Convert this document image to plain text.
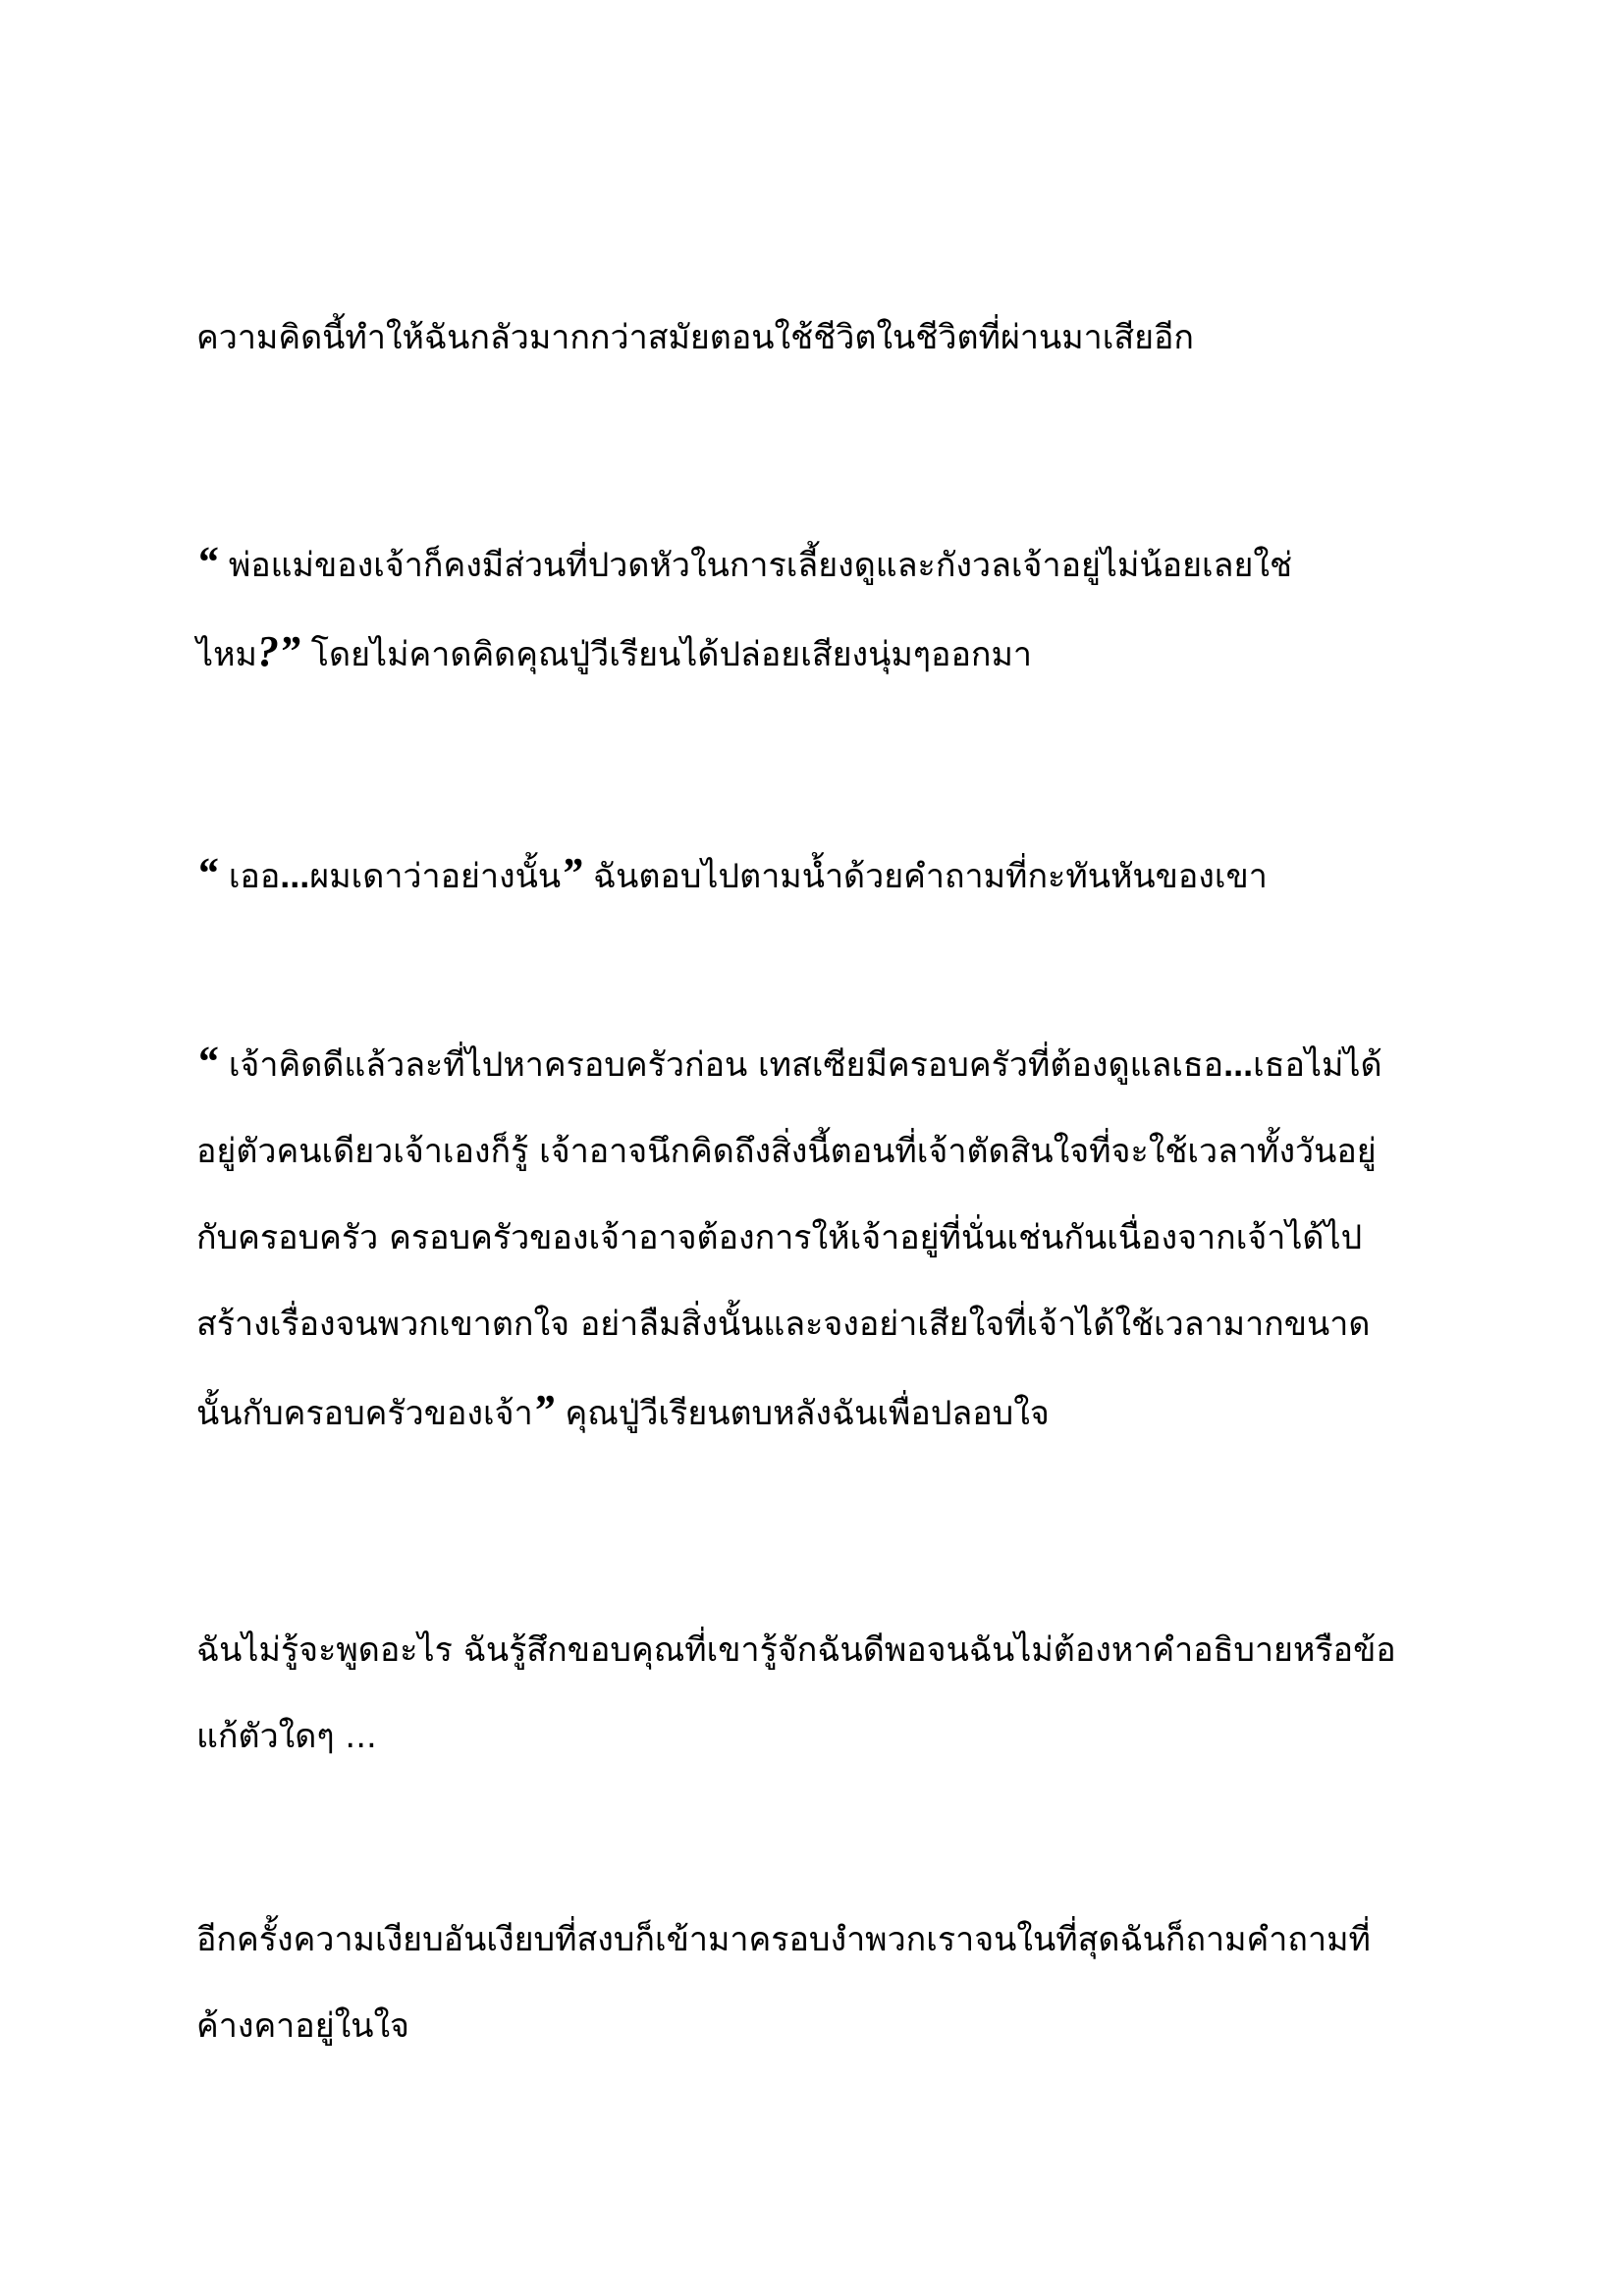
ความคิดนี้ทำให้ฉันกลัวมากกว่าสมัยตอนใช้ชีวิตในชีวิตที่ผ่านมาเสียอีก

“ พ่อแม่ของเจ้าก็คงมีส่วนที่ปวดหัวในการเลี้ยงดูและกังวลเจ้าอยู่ไม่น้อยเลยใช่
ไหม?” โดยไม่คาดคิดคุณปู่วีเรียนได้ปล่อยเสียงนุ่มๆออกมา

“ เออ...ผมเดาว่าอย่างนั้น” ฉันตอบไปตามน้ำด้วยคำถามที่กะทันหันของเขา

“ เจ้าคิดดีแล้วละที่ไปหาครอบครัวก่อน เทสเซียมีครอบครัวที่ต้องดูแลเธอ...เธอไม่ได้
อยู่ตัวคนเดียวเจ้าเองก็รู้ เจ้าอาจนึกคิดถึงสิ่งนี้ตอนที่เจ้าตัดสินใจที่จะใช้เวลาทั้งวันอยู่
กับครอบครัว ครอบครัวของเจ้าอาจต้องการให้เจ้าอยู่ที่นั่นเช่นกันเนื่องจากเจ้าได้ไป
สร้างเรื่องจนพวกเขาตกใจ อย่าลืมสิ่งนั้นและจงอย่าเสียใจที่เจ้าได้ใช้เวลามากขนาด
นั้นกับครอบครัวของเจ้า” คุณปู่วีเรียนตบหลังฉันเพื่อปลอบใจ

ฉันไม่รู้จะพูดอะไร ฉันรู้สึกขอบคุณที่เขารู้จักฉันดีพอจนฉันไม่ต้องหาคำอธิบายหรือข้อ
แก้ตัวใดๆ ...

อีกครั้งความเงียบอันเงียบที่สงบก็เข้ามาครอบงำพวกเราจนในที่สุดฉันก็ถามคำถามที่
ค้างคาอยู่ในใจ
